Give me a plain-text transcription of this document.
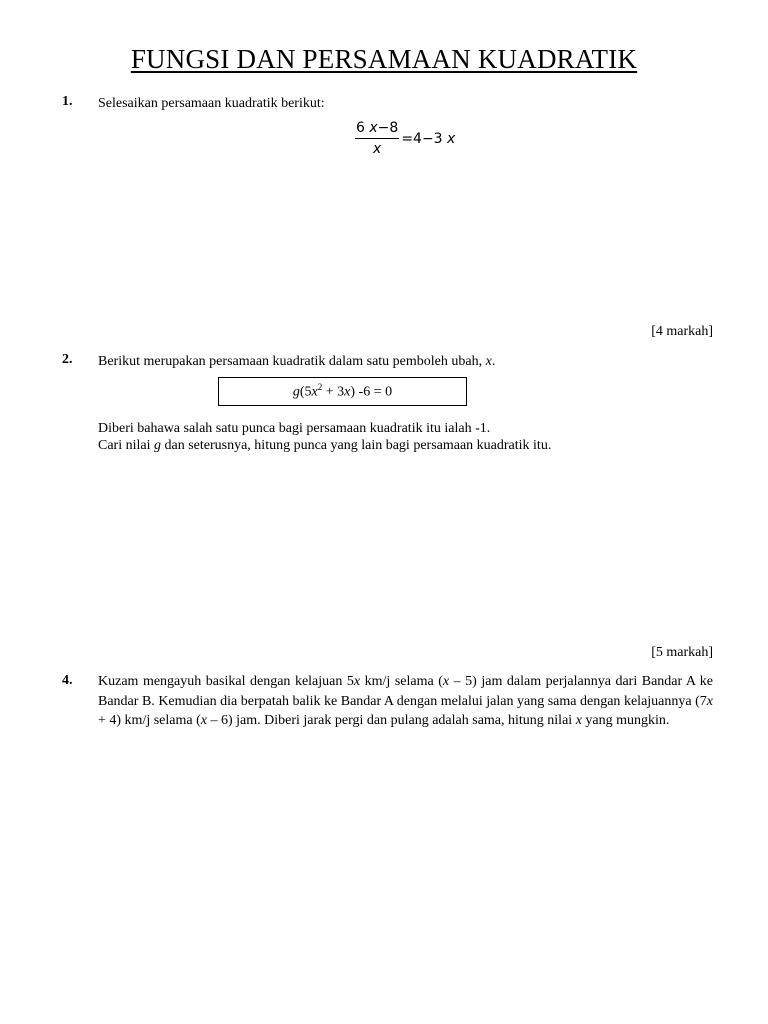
FUNGSI DAN PERSAMAAN KUADRATIK
1. Selesaikan persamaan kuadratik berikut:
$\frac{6 x-8}{x} =4-3$ x
[4 markah]
2. Berikut merupakan persamaan kuadratik dalam satu pemboleh ubah, x.
$g(5x^2 + 3x) -6 = 0$
Diberi bahawa salah satu punca bagi persamaan kuadratik itu ialah -1.
Cari nilai g dan seterusnya, hitung punca yang lain bagi persamaan kuadratik itu.
[5 markah]
4. Kuzam mengayuh basikal dengan kelajuan 5x km/j selama (x – 5) jam dalam perjalannya dari Bandar A ke Bandar B. Kemudian dia berpatah balik ke Bandar A dengan melalui jalan yang sama dengan kelajuannya (7x + 4) km/j selama (x – 6) jam. Diberi jarak pergi dan pulang adalah sama, hitung nilai x yang mungkin.
